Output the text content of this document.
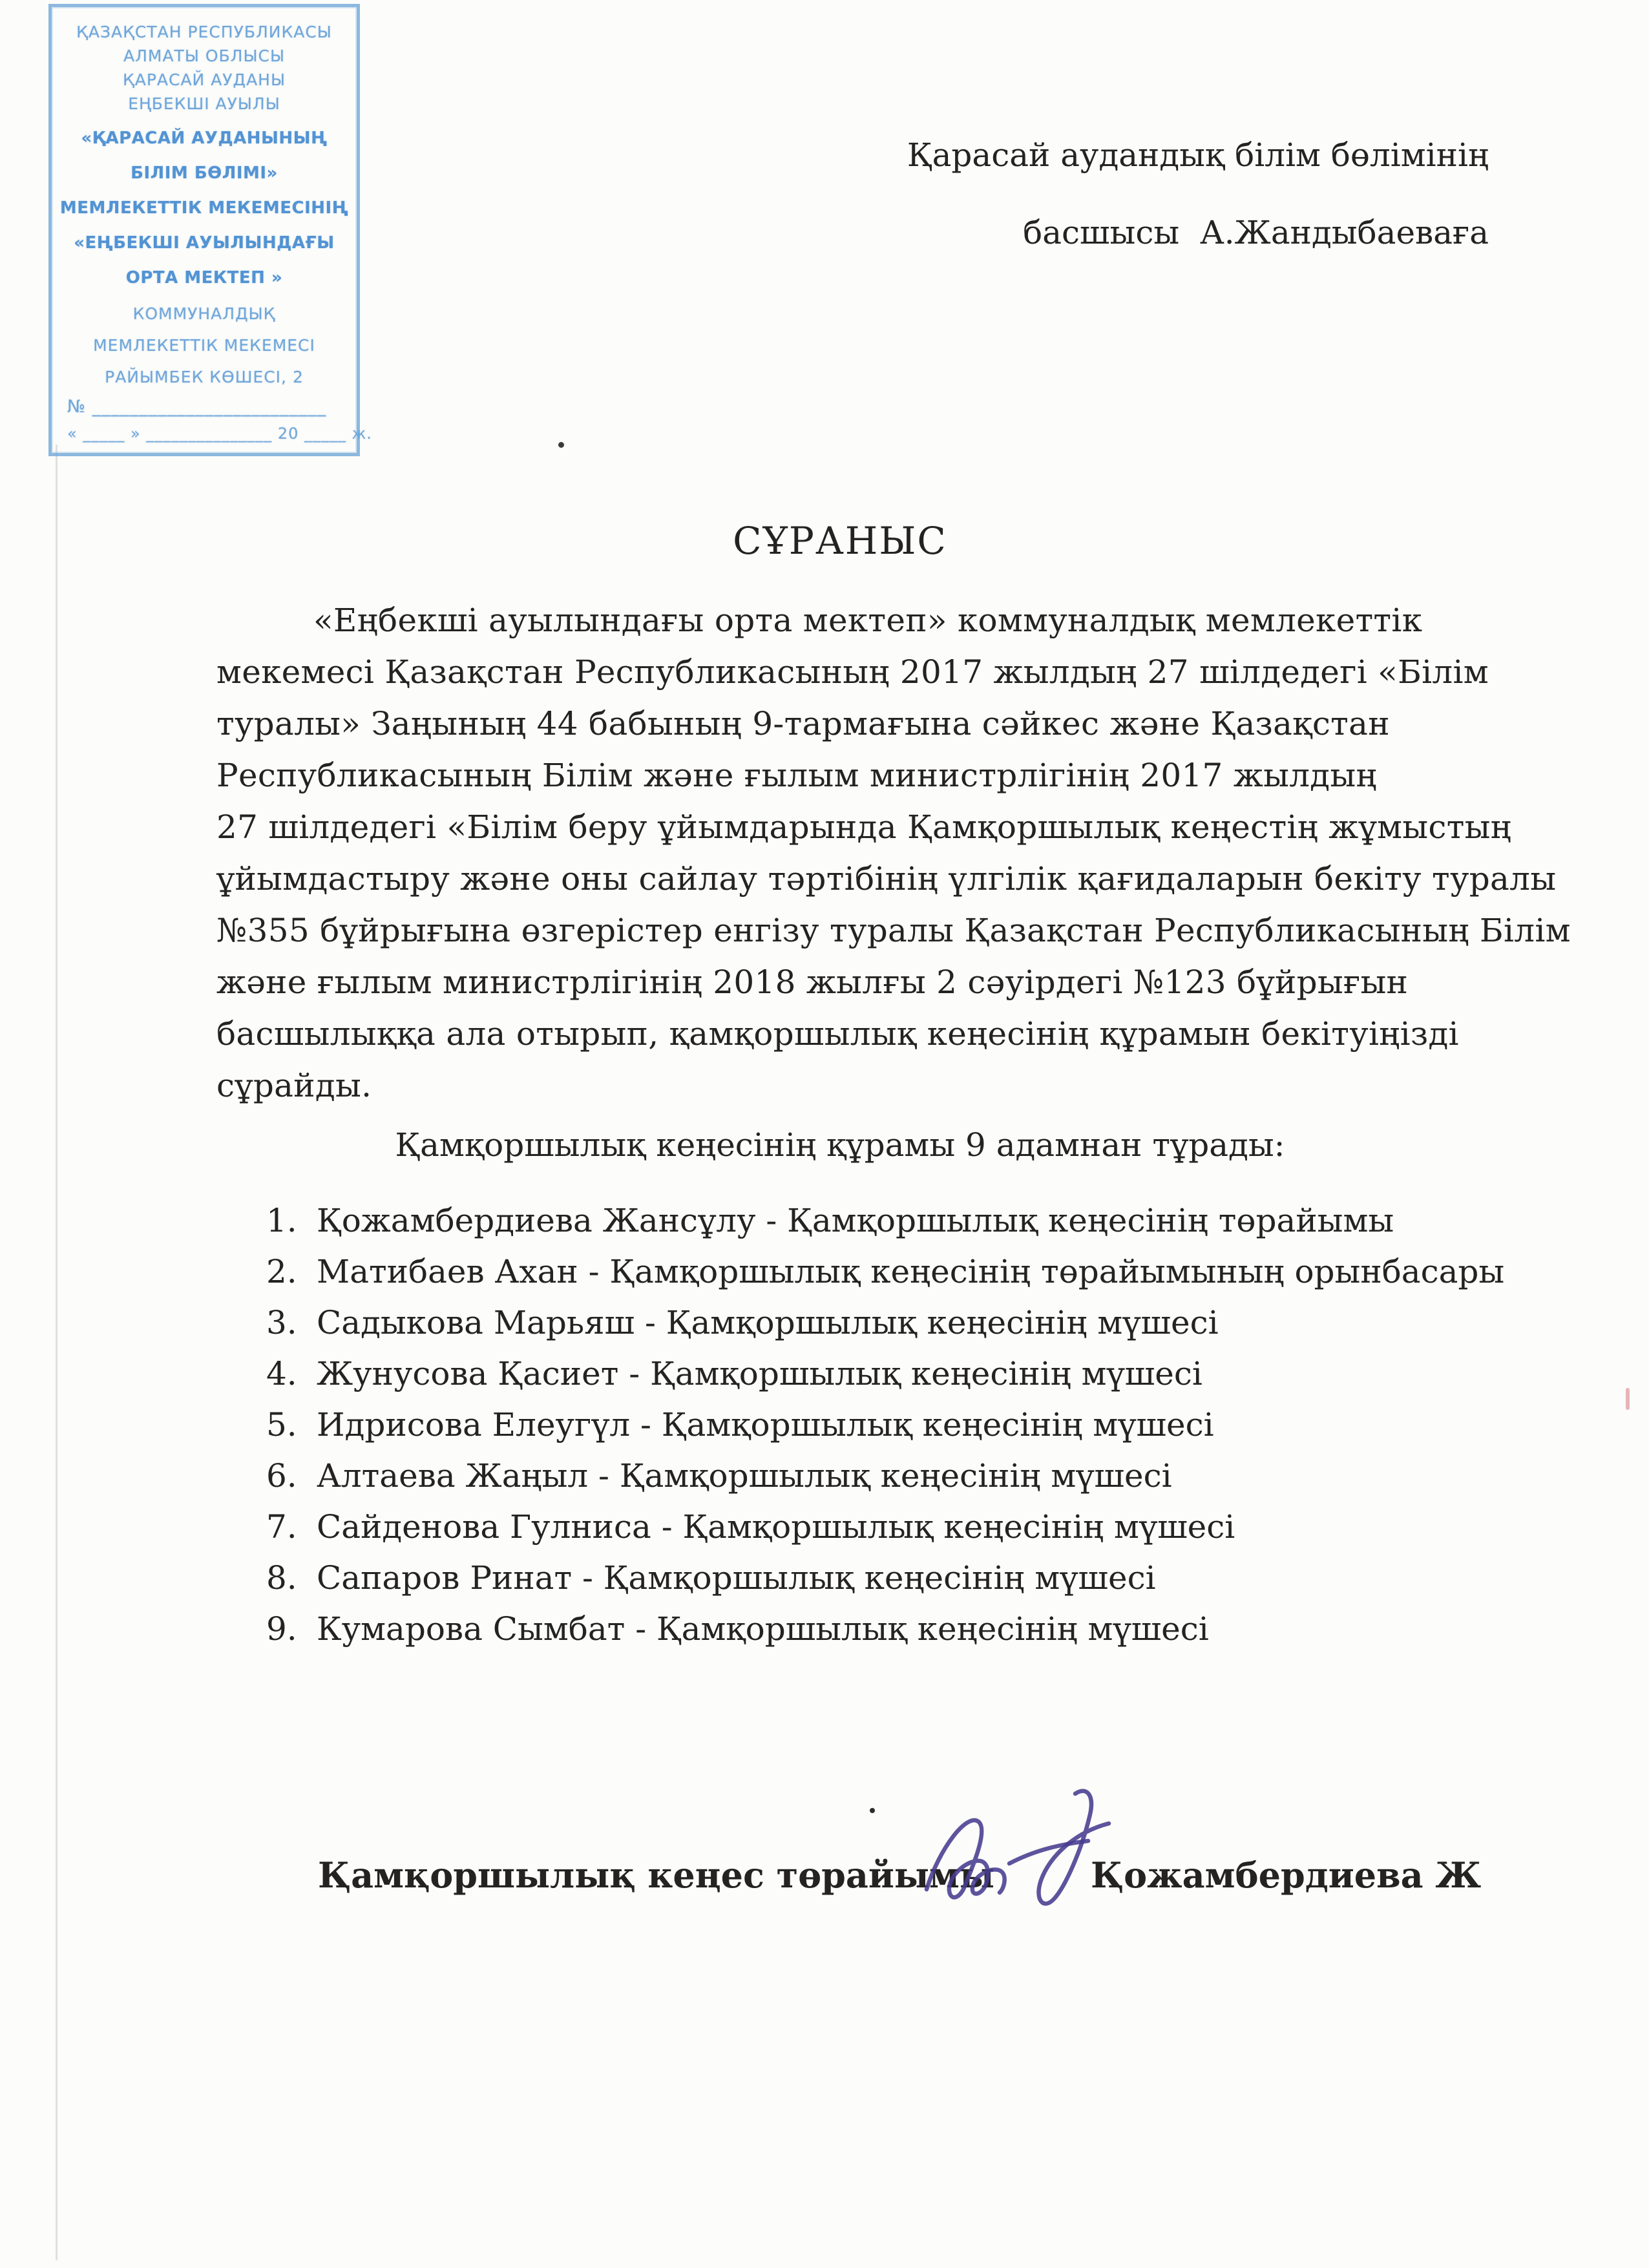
ҚАЗАҚСТАН РЕСПУБЛИКАСЫ
АЛМАТЫ ОБЛЫСЫ
ҚАРАСАЙ АУДАНЫ
ЕҢБЕКШІ АУЫЛЫ
«ҚАРАСАЙ АУДАНЫНЫҢ
БІЛІМ БӨЛІМІ»
МЕМЛЕКЕТТІК МЕКЕМЕСІНІҢ
«ЕҢБЕКШІ АУЫЛЫНДАҒЫ
ОРТА МЕКТЕП »
КОММУНАЛДЫҚ
МЕМЛЕКЕТТІК МЕКЕМЕСІ
РАЙЫМБЕК КӨШЕСІ, 2
№ _________________________
« _____ » _______________ 20 _____ ж.
Қарасай аудандық білім бөлімінің
басшысы  А.Жандыбаеваға
СҰРАНЫС
«Еңбекші ауылындағы орта мектеп» коммуналдық мемлекеттік
мекемесі Қазақстан Республикасының 2017 жылдың 27 шілдедегі «Білім
туралы» Заңының 44 бабының 9-тармағына сәйкес және Қазақстан
Республикасының Білім және ғылым министрлігінің 2017 жылдың
27 шілдедегі «Білім беру ұйымдарында Қамқоршылық кеңестің жұмыстың
ұйымдастыру және оны сайлау тәртібінің үлгілік қағидаларын бекіту туралы
№355 бұйрығына өзгерістер енгізу туралы Қазақстан Республикасының Білім
және ғылым министрлігінің 2018 жылғы 2 сәуірдегі №123 бұйрығын
басшылыққа ала отырып, қамқоршылық кеңесінің құрамын бекітуіңізді
сұрайды.
Қамқоршылық кеңесінің құрамы 9 адамнан тұрады:
1. Қожамбердиева Жансұлу - Қамқоршылық кеңесінің төрайымы
2. Матибаев Ахан - Қамқоршылық кеңесінің төрайымының орынбасары
3. Садыкова Марьяш - Қамқоршылық кеңесінің мүшесі
4. Жунусова Қасиет - Қамқоршылық кеңесінің мүшесі
5. Идрисова Елеугүл - Қамқоршылық кеңесінің мүшесі
6. Алтаева Жаңыл - Қамқоршылық кеңесінің мүшесі
7. Сайденова Гулниса - Қамқоршылық кеңесінің мүшесі
8. Сапаров Ринат - Қамқоршылық кеңесінің мүшесі
9. Кумарова Сымбат - Қамқоршылық кеңесінің мүшесі
Қамқоршылық кеңес төрайымы	Қожамбердиева Ж
